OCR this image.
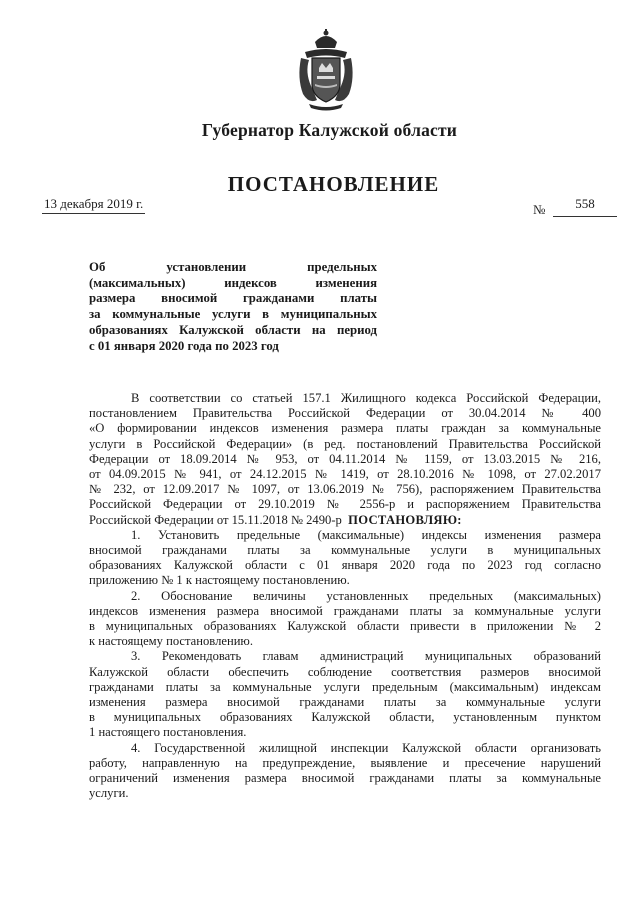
Губернатор Калужской области
ПОСТАНОВЛЕНИЕ
13 декабря 2019 г.	№	558
Об установлении предельных
(максимальных) индексов изменения
размера вносимой гражданами платы
за коммунальные услуги в муниципальных
образованиях Калужской области на период
с 01 января 2020 года по 2023 год
В соответствии со статьей 157.1 Жилищного кодекса Российской Федерации,
постановлением Правительства Российской Федерации от 30.04.2014 № 400
«О формировании индексов изменения размера платы граждан за коммунальные
услуги в Российской Федерации» (в ред. постановлений Правительства Российской
Федерации от 18.09.2014 № 953, от 04.11.2014 № 1159, от 13.03.2015 № 216,
от 04.09.2015 № 941, от 24.12.2015 № 1419, от 28.10.2016 № 1098, от 27.02.2017
№ 232, от 12.09.2017 № 1097, от 13.06.2019 № 756), распоряжением Правительства
Российской Федерации от 29.10.2019 № 2556-р и распоряжением Правительства
Российской Федерации от 15.11.2018 № 2490-р ПОСТАНОВЛЯЮ:
1. Установить предельные (максимальные) индексы изменения размера
вносимой гражданами платы за коммунальные услуги в муниципальных
образованиях Калужской области с 01 января 2020 года по 2023 год согласно
приложению № 1 к настоящему постановлению.
2. Обоснование величины установленных предельных (максимальных)
индексов изменения размера вносимой гражданами платы за коммунальные услуги
в муниципальных образованиях Калужской области привести в приложении № 2
к настоящему постановлению.
3. Рекомендовать главам администраций муниципальных образований
Калужской области обеспечить соблюдение соответствия размеров вносимой
гражданами платы за коммунальные услуги предельным (максимальным) индексам
изменения размера вносимой гражданами платы за коммунальные услуги
в муниципальных образованиях Калужской области, установленным пунктом
1 настоящего постановления.
4. Государственной жилищной инспекции Калужской области организовать
работу, направленную на предупреждение, выявление и пресечение нарушений
ограничений изменения размера вносимой гражданами платы за коммунальные
услуги.
